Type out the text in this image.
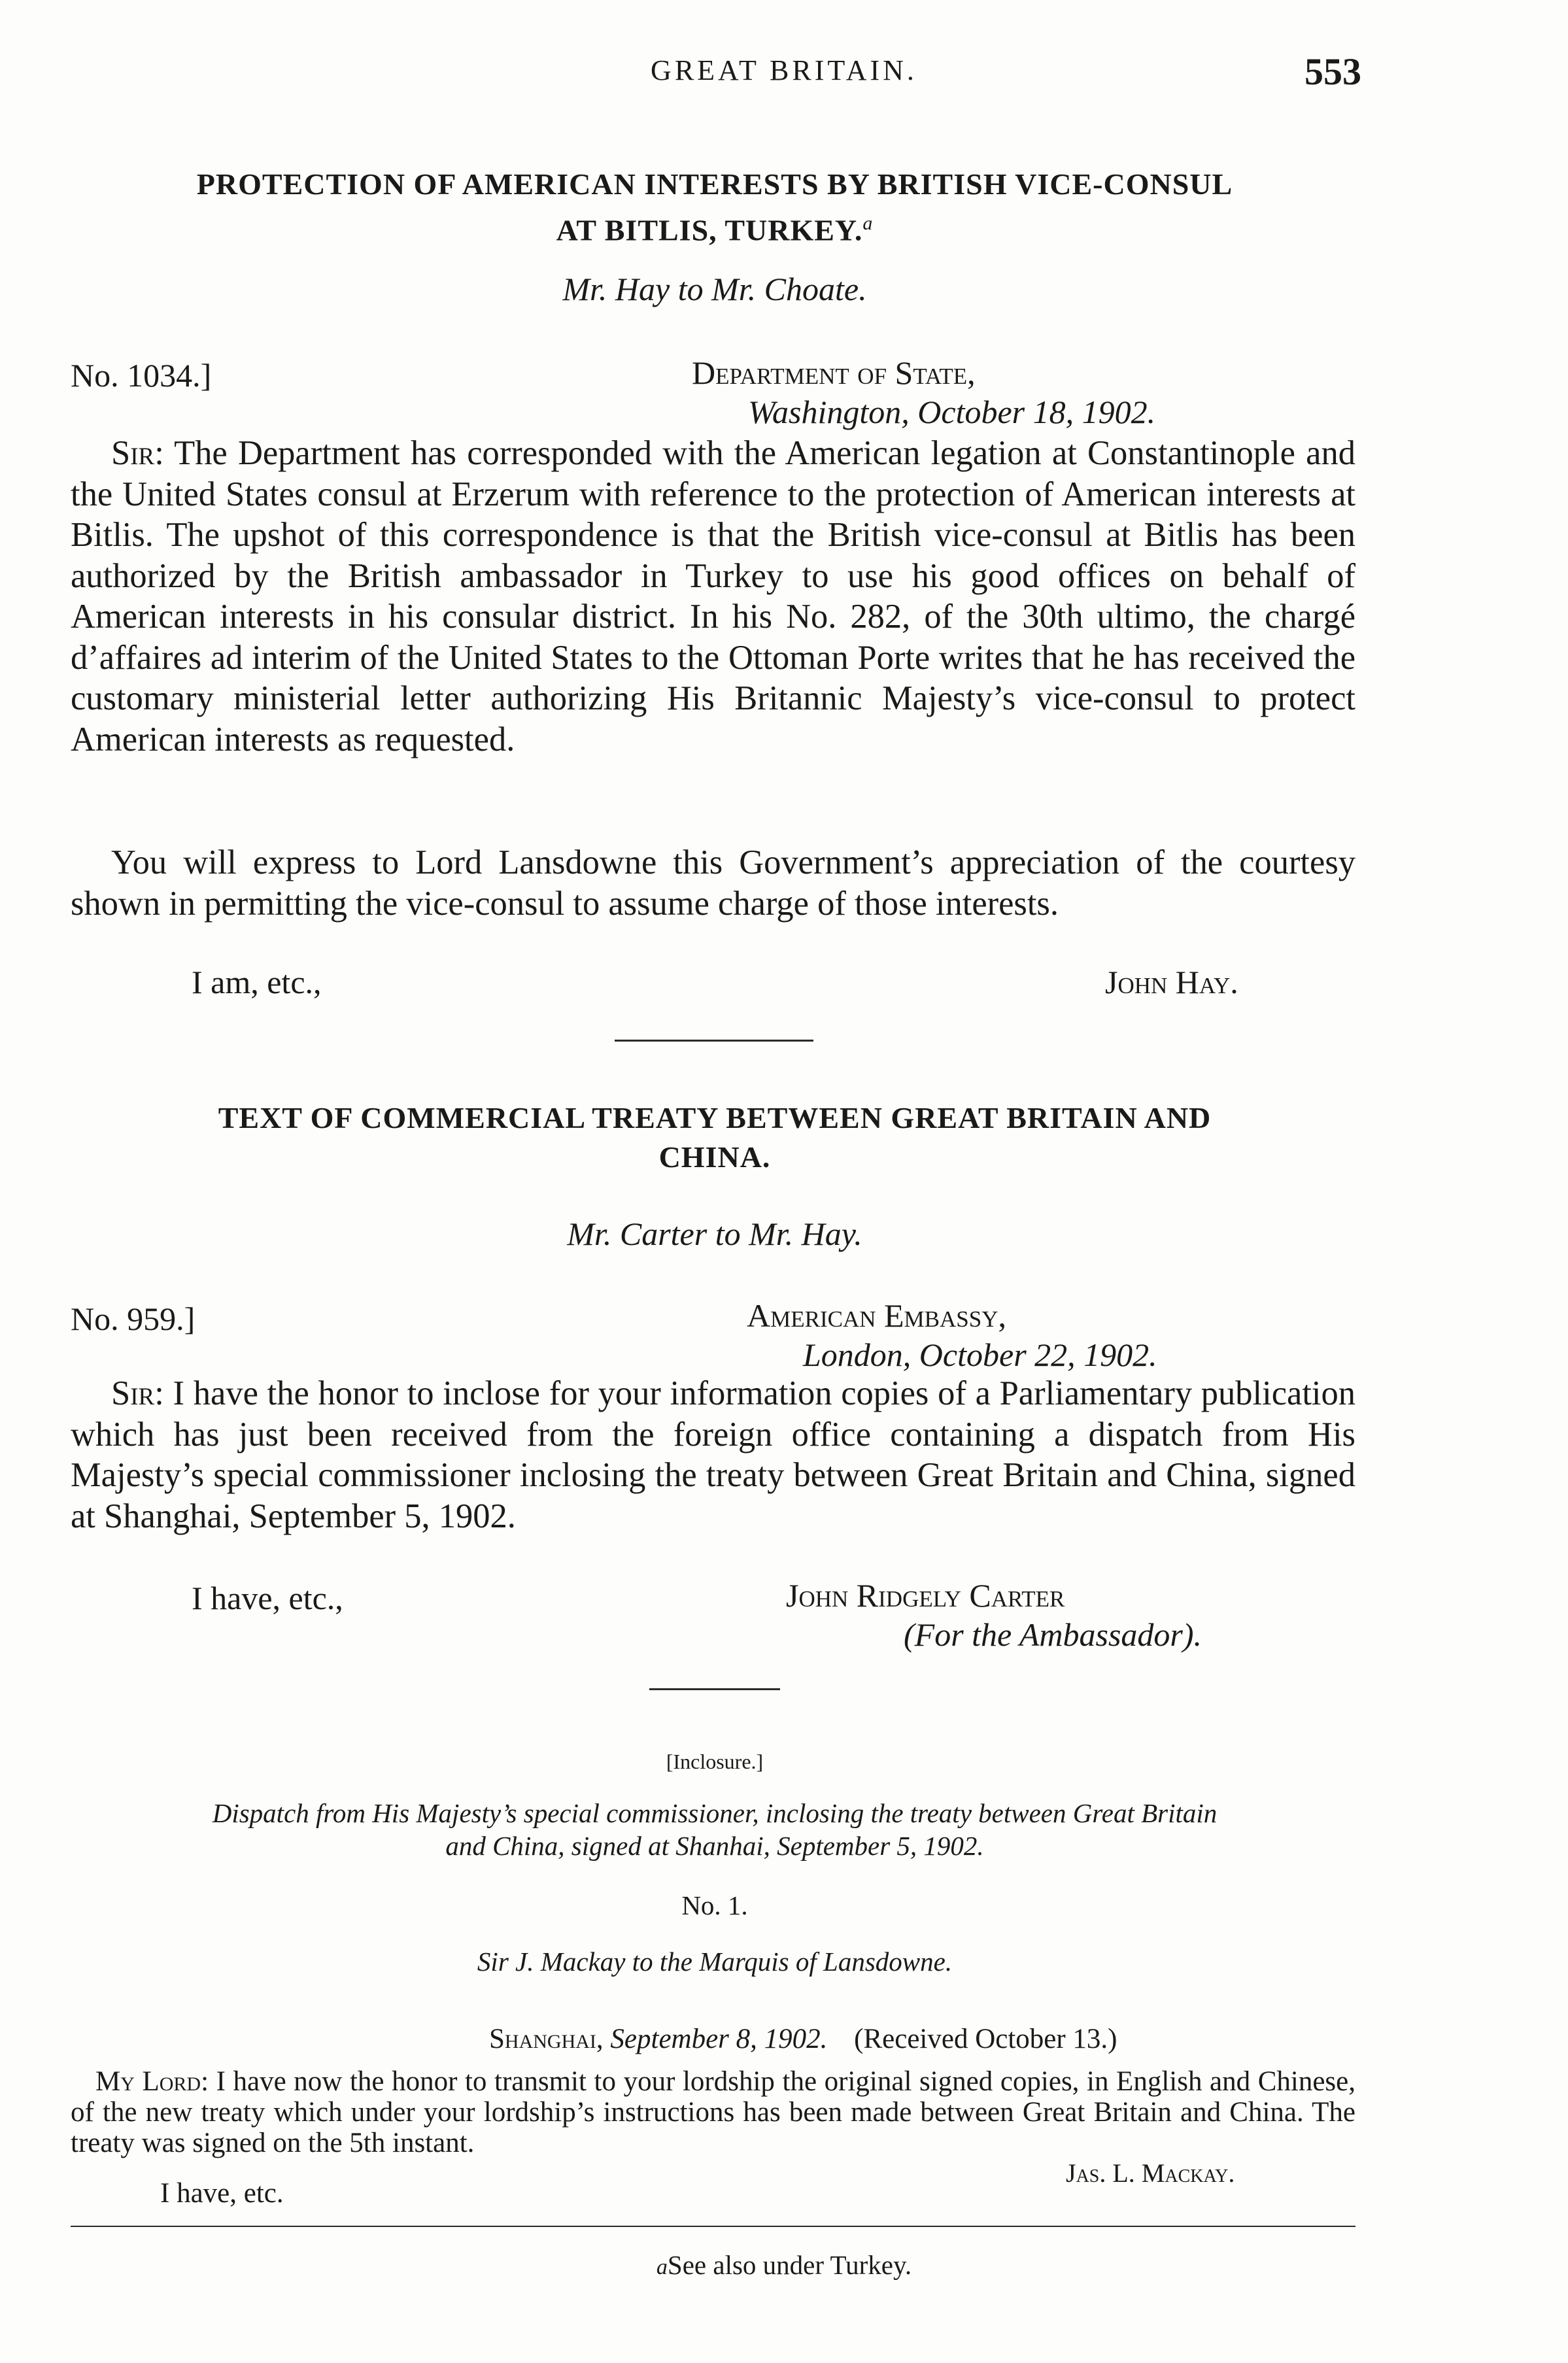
GREAT BRITAIN.	553
PROTECTION OF AMERICAN INTERESTS BY BRITISH VICE-CONSUL
AT BITLIS, TURKEY.$^a$
Mr. Hay to Mr. Choate.
No. 1034.]	Department of State,
Washington, October 18, 1902.

Sir: The Department has corresponded with the American legation at Constantinople and the United States consul at Erzerum with reference to the protection of American interests at Bitlis. The upshot of this correspondence is that the British vice-consul at Bitlis has been authorized by the British ambassador in Turkey to use his good offices on behalf of American interests in his consular district. In his No. 282, of the 30th ultimo, the chargé d’affaires ad interim of the United States to the Ottoman Porte writes that he has received the customary ministerial letter authorizing His Britannic Majesty’s vice-consul to protect American interests as requested.

You will express to Lord Lansdowne this Government’s appreciation of the courtesy shown in permitting the vice-consul to assume charge of those interests.

I am, etc.,	John Hay.
TEXT OF COMMERCIAL TREATY BETWEEN GREAT BRITAIN AND
CHINA.
Mr. Carter to Mr. Hay.
No. 959.]	American Embassy,
London, October 22, 1902.

Sir: I have the honor to inclose for your information copies of a Parliamentary publication which has just been received from the foreign office containing a dispatch from His Majesty’s special commissioner inclosing the treaty between Great Britain and China, signed at Shanghai, September 5, 1902.

I have, etc.,	John Ridgely Carter
(For the Ambassador).
[Inclosure.]
Dispatch from His Majesty’s special commissioner, inclosing the treaty between Great Britain
and China, signed at Shanhai, September 5, 1902.
No. 1.
Sir J. Mackay to the Marquis of Lansdowne.
Shanghai, September 8, 1902. (Received October 13.)

My Lord: I have now the honor to transmit to your lordship the original signed copies, in English and Chinese, of the new treaty which under your lordship’s instructions has been made between Great Britain and China. The treaty was signed on the 5th instant.

I have, etc.
Jas. L. Mackay.
aSee also under Turkey.
